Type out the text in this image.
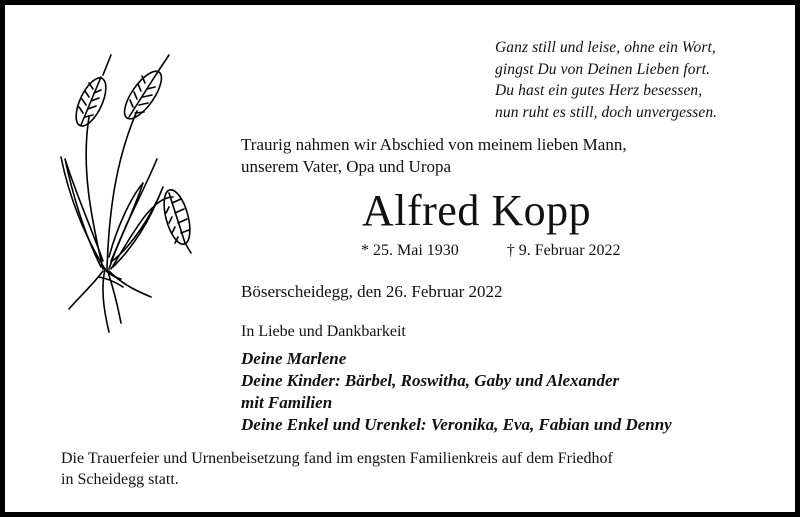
Ganz still und leise, ohne ein Wort,
gingst Du von Deinen Lieben fort.
Du hast ein gutes Herz besessen,
nun ruht es still, doch unvergessen.
Traurig nahmen wir Abschied von meinem lieben Mann,
unserem Vater, Opa und Uropa
Alfred Kopp
* 25. Mai 1930	† 9. Februar 2022
Böserscheidegg, den 26. Februar 2022
In Liebe und Dankbarkeit
Deine Marlene
Deine Kinder: Bärbel, Roswitha, Gaby und Alexander
mit Familien
Deine Enkel und Urenkel: Veronika, Eva, Fabian und Denny
Die Trauerfeier und Urnenbeisetzung fand im engsten Familienkreis auf dem Friedhof
in Scheidegg statt.
